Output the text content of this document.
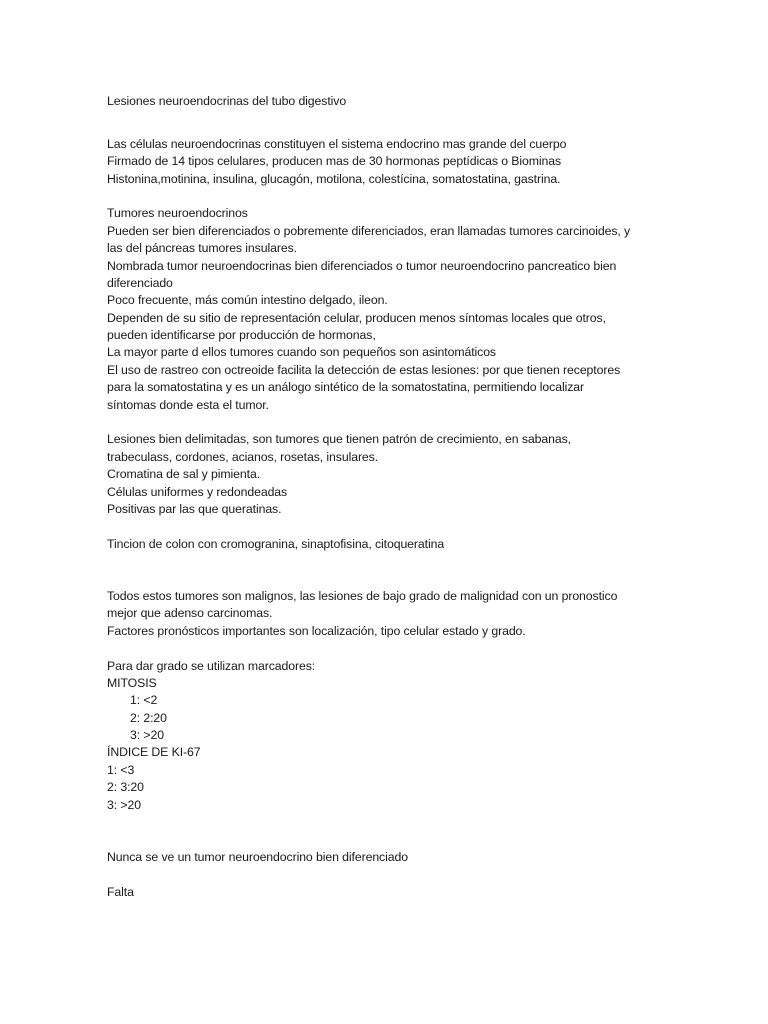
Lesiones neuroendocrinas del tubo digestivo
Las células neuroendocrinas constituyen el sistema endocrino mas grande del cuerpo
Firmado de 14 tipos celulares, producen mas de 30 hormonas peptídicas o Biominas
Histonina,motinina, insulina, glucagón, motilona, colestícina, somatostatina, gastrina.
Tumores neuroendocrinos
Pueden ser bien diferenciados o pobremente diferenciados, eran llamadas tumores carcinoides, y
las del páncreas tumores insulares.
Nombrada tumor neuroendocrinas bien diferenciados o tumor neuroendocrino pancreatico bien
diferenciado
Poco frecuente, más común intestino delgado, ileon.
Dependen de su sitio de representación celular, producen menos síntomas locales que otros,
pueden identificarse por producción de hormonas,
La mayor parte d ellos tumores cuando son pequeños son asintomáticos
El uso de rastreo con octreoide facilita la detección de estas lesiones: por que tienen receptores
para la somatostatina y es un análogo sintético de la somatostatina, permitiendo localizar
síntomas donde esta el tumor.
Lesiones bien delimitadas, son tumores que tienen patrón de crecimiento, en sabanas,
trabeculass, cordones, acianos, rosetas, insulares.
Cromatina de sal y pimienta.
Células uniformes y redondeadas
Positivas par las que queratinas.
Tincion de colon con cromogranina, sinaptofisina, citoqueratina
Todos estos tumores son malignos, las lesiones de bajo grado de malignidad con un pronostico
mejor que adenso carcinomas.
Factores pronósticos importantes son localización, tipo celular estado y grado.
Para dar grado se utilizan marcadores:
MITOSIS
1: <2
2: 2:20
3: >20
ÍNDICE DE KI-67
1: <3
2: 3:20
3: >20
Nunca se ve un tumor neuroendocrino bien diferenciado
Falta
